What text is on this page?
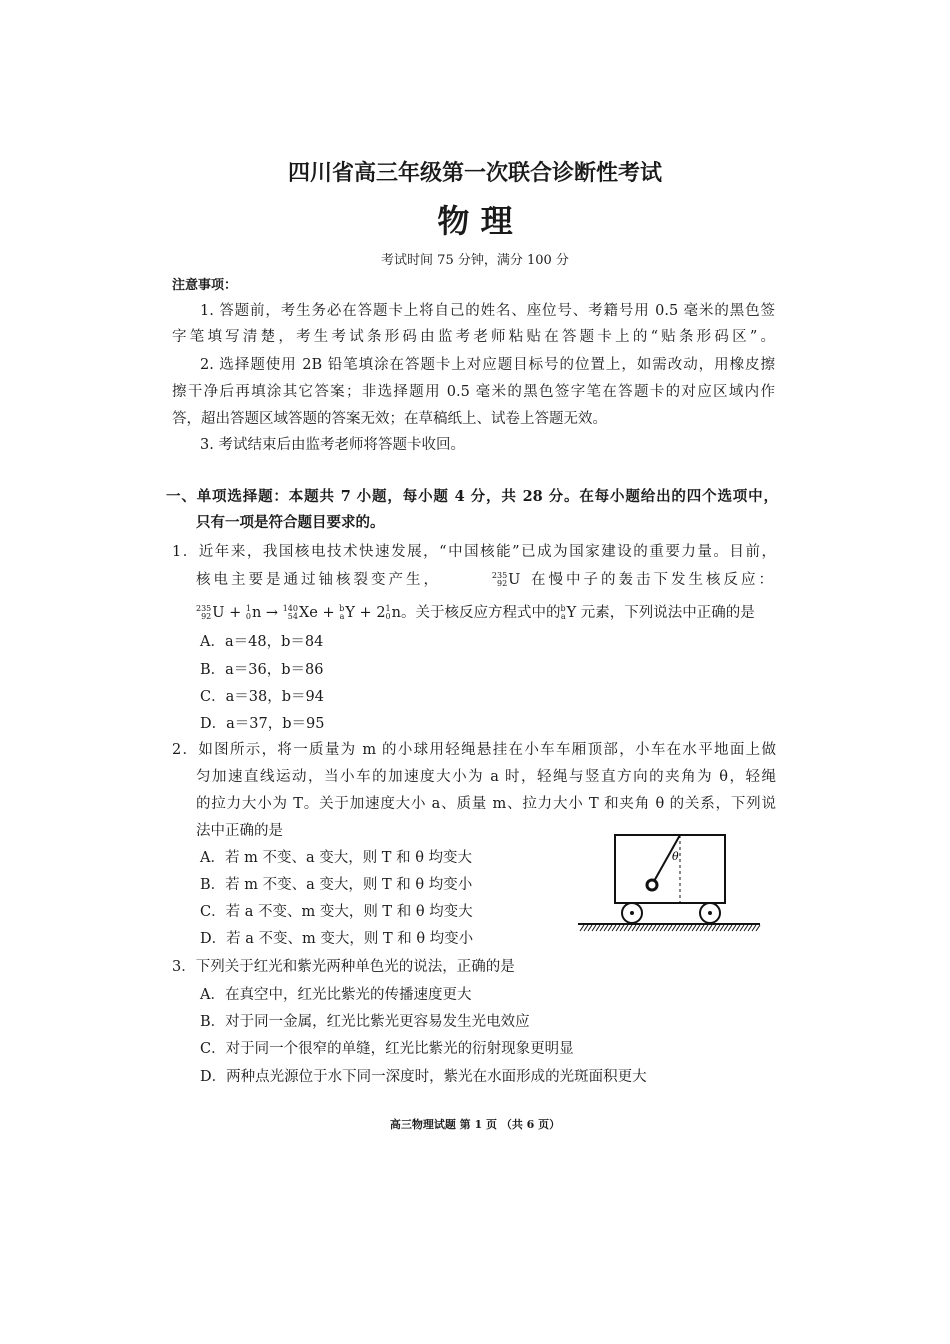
四川省高三年级第一次联合诊断性考试
物 理
考试时间 75 分钟，满分 100 分
注意事项：
1. 答题前，考生务必在答题卡上将自己的姓名、座位号、考籍号用 0.5 毫米的黑色签
字笔填写清楚，考生考试条形码由监考老师粘贴在答题卡上的“贴条形码区”。
2. 选择题使用 2B 铅笔填涂在答题卡上对应题目标号的位置上，如需改动，用橡皮擦
擦干净后再填涂其它答案；非选择题用 0.5 毫米的黑色签字笔在答题卡的对应区域内作
答，超出答题区域答题的答案无效；在草稿纸上、试卷上答题无效。
3. 考试结束后由监考老师将答题卡收回。
一、单项选择题：本题共 7 小题，每小题 4 分，共 28 分。在每小题给出的四个选项中，
只有一项是符合题目要求的。
1．近年来，我国核电技术快速发展，“中国核能”已成为国家建设的重要力量。目前，
核电主要是通过铀核裂变产生，	235
92 U 在慢中子的轰击下发生核反应：
235
92 U + 1
0 n → 140
54 Xe + b
a Y + 2 1
0 n。关于核反应方程式中的 b
a Y 元素，下列说法中正确的是
A．a＝48，b＝84
B．a＝36，b＝86
C．a＝38，b＝94
D．a＝37，b＝95
2．如图所示，将一质量为 m 的小球用轻绳悬挂在小车车厢顶部，小车在水平地面上做
匀加速直线运动，当小车的加速度大小为 a 时，轻绳与竖直方向的夹角为 θ，轻绳
的拉力大小为 T。关于加速度大小 a、质量 m、拉力大小 T 和夹角 θ 的关系，下列说
法中正确的是
A．若 m 不变、a 变大，则 T 和 θ 均变大
B．若 m 不变、a 变大，则 T 和 θ 均变小
C．若 a 不变、m 变大，则 T 和 θ 均变大
D．若 a 不变、m 变大，则 T 和 θ 均变小
θ
3．下列关于红光和紫光两种单色光的说法，正确的是
A．在真空中，红光比紫光的传播速度更大
B．对于同一金属，红光比紫光更容易发生光电效应
C．对于同一个很窄的单缝，红光比紫光的衍射现象更明显
D．两种点光源位于水下同一深度时，紫光在水面形成的光斑面积更大
高三物理试题 第 1 页 （共 6 页）
